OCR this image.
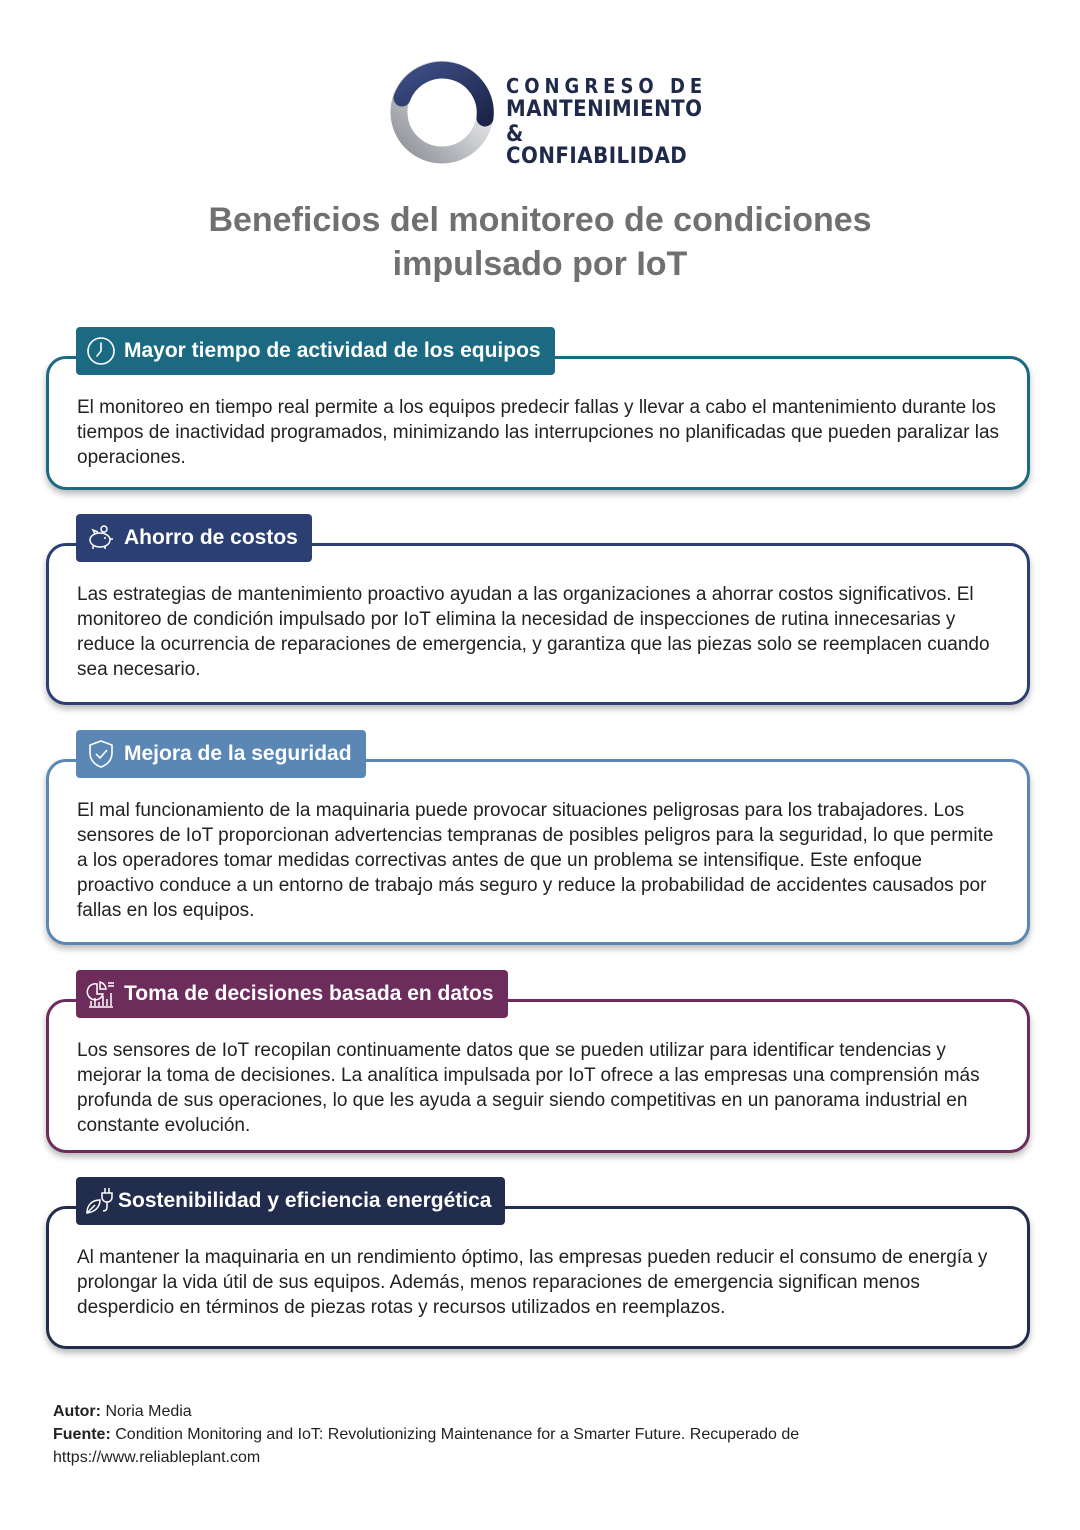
CONGRESO DE
MANTENIMIENTO
& CONFIABILIDAD
Beneficios del monitoreo de condiciones
impulsado por IoT
El monitoreo en tiempo real permite a los equipos predecir fallas y llevar a cabo el mantenimiento durante los tiempos de inactividad programados, minimizando las interrupciones no planificadas que pueden paralizar las operaciones.
Mayor tiempo de actividad de los equipos
Las estrategias de mantenimiento proactivo ayudan a las organizaciones a ahorrar costos significativos. El monitoreo de condición impulsado por IoT elimina la necesidad de inspecciones de rutina innecesarias y reduce la ocurrencia de reparaciones de emergencia, y garantiza que las piezas solo se reemplacen cuando sea necesario.
Ahorro de costos
El mal funcionamiento de la maquinaria puede provocar situaciones peligrosas para los trabajadores. Los sensores de IoT proporcionan advertencias tempranas de posibles peligros para la seguridad, lo que permite a los operadores tomar medidas correctivas antes de que un problema se intensifique. Este enfoque proactivo conduce a un entorno de trabajo más seguro y reduce la probabilidad de accidentes causados por fallas en los equipos.
Mejora de la seguridad
Los sensores de IoT recopilan continuamente datos que se pueden utilizar para identificar tendencias y mejorar la toma de decisiones. La analítica impulsada por IoT ofrece a las empresas una comprensión más profunda de sus operaciones, lo que les ayuda a seguir siendo competitivas en un panorama industrial en constante evolución.
Toma de decisiones basada en datos
Al mantener la maquinaria en un rendimiento óptimo, las empresas pueden reducir el consumo de energía y prolongar la vida útil de sus equipos. Además, menos reparaciones de emergencia significan menos desperdicio en términos de piezas rotas y recursos utilizados en reemplazos.
Sostenibilidad y eficiencia energética
Autor: Noria Media
Fuente: Condition Monitoring and IoT: Revolutionizing Maintenance for a Smarter Future. Recuperado de https://www.reliableplant.com
